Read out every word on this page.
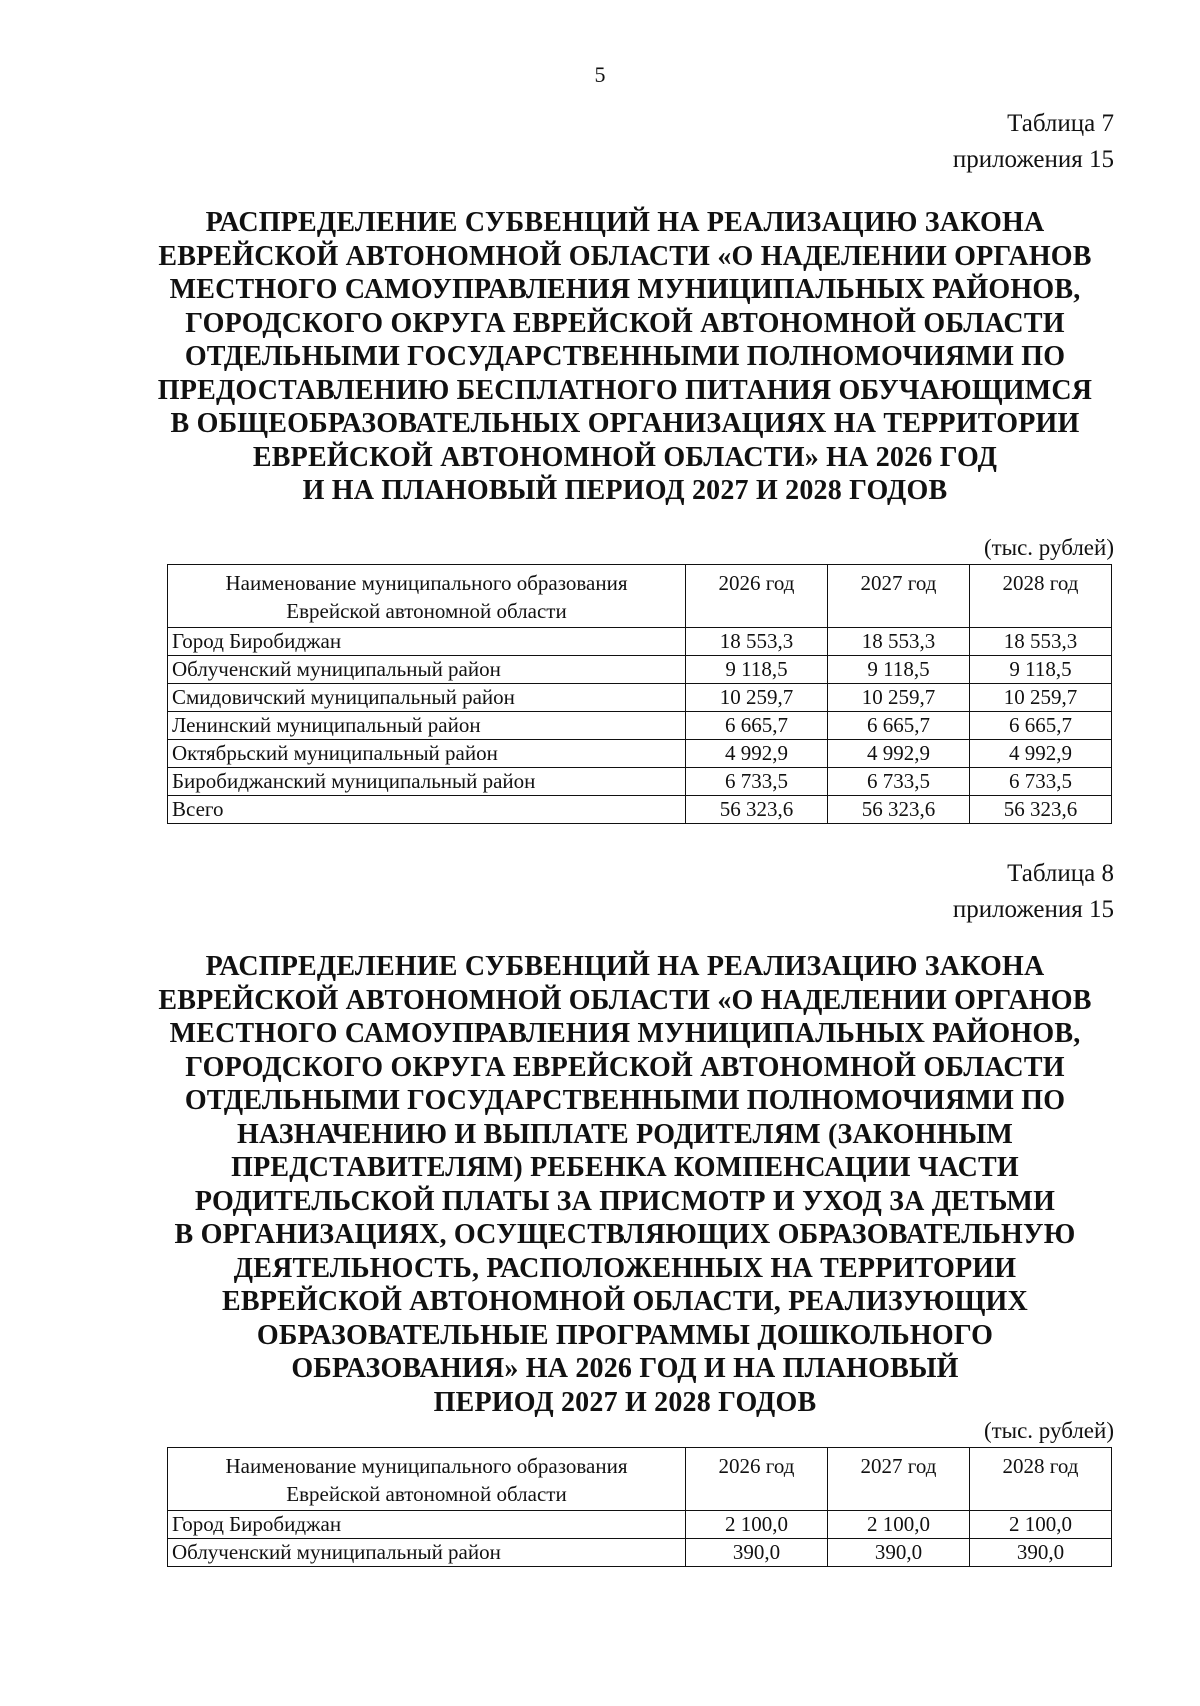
5
Таблица 7
приложения 15
РАСПРЕДЕЛЕНИЕ СУБВЕНЦИЙ НА РЕАЛИЗАЦИЮ ЗАКОНА
ЕВРЕЙСКОЙ АВТОНОМНОЙ ОБЛАСТИ «О НАДЕЛЕНИИ ОРГАНОВ
МЕСТНОГО САМОУПРАВЛЕНИЯ МУНИЦИПАЛЬНЫХ РАЙОНОВ,
ГОРОДСКОГО ОКРУГА ЕВРЕЙСКОЙ АВТОНОМНОЙ ОБЛАСТИ
ОТДЕЛЬНЫМИ ГОСУДАРСТВЕННЫМИ ПОЛНОМОЧИЯМИ ПО
ПРЕДОСТАВЛЕНИЮ БЕСПЛАТНОГО ПИТАНИЯ ОБУЧАЮЩИМСЯ
В ОБЩЕОБРАЗОВАТЕЛЬНЫХ ОРГАНИЗАЦИЯХ НА ТЕРРИТОРИИ
ЕВРЕЙСКОЙ АВТОНОМНОЙ ОБЛАСТИ» НА 2026 ГОД
И НА ПЛАНОВЫЙ ПЕРИОД 2027 И 2028 ГОДОВ
(тыс. рублей)
Наименование муниципального образования
Еврейской автономной области	2026 год	2027 год	2028 год
Город Биробиджан	18 553,3	18 553,3	18 553,3
Облученский муниципальный район	9 118,5	9 118,5	9 118,5
Смидовичский муниципальный район	10 259,7	10 259,7	10 259,7
Ленинский муниципальный район	6 665,7	6 665,7	6 665,7
Октябрьский муниципальный район	4 992,9	4 992,9	4 992,9
Биробиджанский муниципальный район	6 733,5	6 733,5	6 733,5
Всего	56 323,6	56 323,6	56 323,6
Таблица 8
приложения 15
РАСПРЕДЕЛЕНИЕ СУБВЕНЦИЙ НА РЕАЛИЗАЦИЮ ЗАКОНА
ЕВРЕЙСКОЙ АВТОНОМНОЙ ОБЛАСТИ «О НАДЕЛЕНИИ ОРГАНОВ
МЕСТНОГО САМОУПРАВЛЕНИЯ МУНИЦИПАЛЬНЫХ РАЙОНОВ,
ГОРОДСКОГО ОКРУГА ЕВРЕЙСКОЙ АВТОНОМНОЙ ОБЛАСТИ
ОТДЕЛЬНЫМИ ГОСУДАРСТВЕННЫМИ ПОЛНОМОЧИЯМИ ПО
НАЗНАЧЕНИЮ И ВЫПЛАТЕ РОДИТЕЛЯМ (ЗАКОННЫМ
ПРЕДСТАВИТЕЛЯМ) РЕБЕНКА КОМПЕНСАЦИИ ЧАСТИ
РОДИТЕЛЬСКОЙ ПЛАТЫ ЗА ПРИСМОТР И УХОД ЗА ДЕТЬМИ
В ОРГАНИЗАЦИЯХ, ОСУЩЕСТВЛЯЮЩИХ ОБРАЗОВАТЕЛЬНУЮ
ДЕЯТЕЛЬНОСТЬ, РАСПОЛОЖЕННЫХ НА ТЕРРИТОРИИ
ЕВРЕЙСКОЙ АВТОНОМНОЙ ОБЛАСТИ, РЕАЛИЗУЮЩИХ
ОБРАЗОВАТЕЛЬНЫЕ ПРОГРАММЫ ДОШКОЛЬНОГО
ОБРАЗОВАНИЯ» НА 2026 ГОД И НА ПЛАНОВЫЙ
ПЕРИОД 2027 И 2028 ГОДОВ
(тыс. рублей)
Наименование муниципального образования
Еврейской автономной области	2026 год	2027 год	2028 год
Город Биробиджан	2 100,0	2 100,0	2 100,0
Облученский муниципальный район	390,0	390,0	390,0
